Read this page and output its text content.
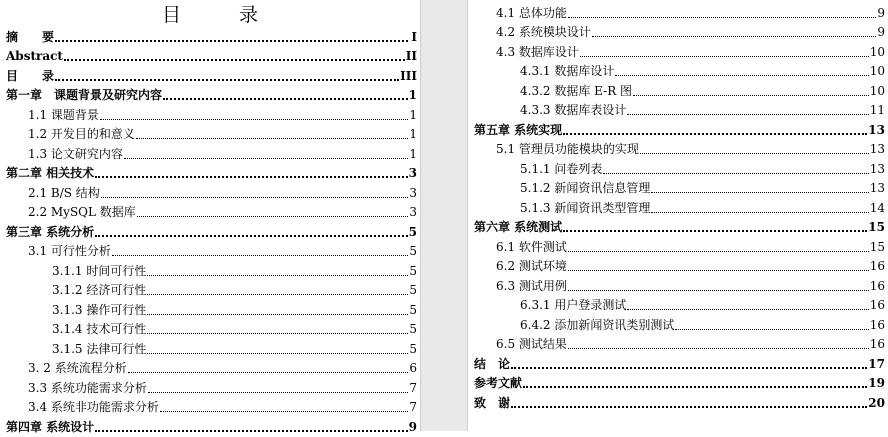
目 录
摘　　要	I
Abstract	II
目　　录	III
第一章　课题背景及研究内容	1
1.1 课题背景	1
1.2 开发目的和意义	1
1.3 论文研究内容	1
第二章 相关技术	3
2.1 B/S 结构	3
2.2 MySQL 数据库	3
第三章 系统分析	5
3.1 可行性分析	5
3.1.1 时间可行性	5
3.1.2 经济可行性	5
3.1.3 操作可行性	5
3.1.4 技术可行性	5
3.1.5 法律可行性	5
3. 2 系统流程分析	6
3.3 系统功能需求分析	7
3.4 系统非功能需求分析	7
第四章 系统设计	9
4.1 总体功能	9
4.2 系统模块设计	9
4.3 数据库设计	10
4.3.1 数据库设计	10
4.3.2 数据库 E-R 图	10
4.3.3 数据库表设计	11
第五章 系统实现	13
5.1 管理员功能模块的实现	13
5.1.1 问卷列表	13
5.1.2 新闻资讯信息管理	13
5.1.3 新闻资讯类型管理	14
第六章 系统测试	15
6.1 软件测试	15
6.2 测试环境	16
6.3 测试用例	16
6.3.1 用户登录测试	16
6.4.2 添加新闻资讯类别测试	16
6.5 测试结果	16
结　论	17
参考文献	19
致　谢	20
